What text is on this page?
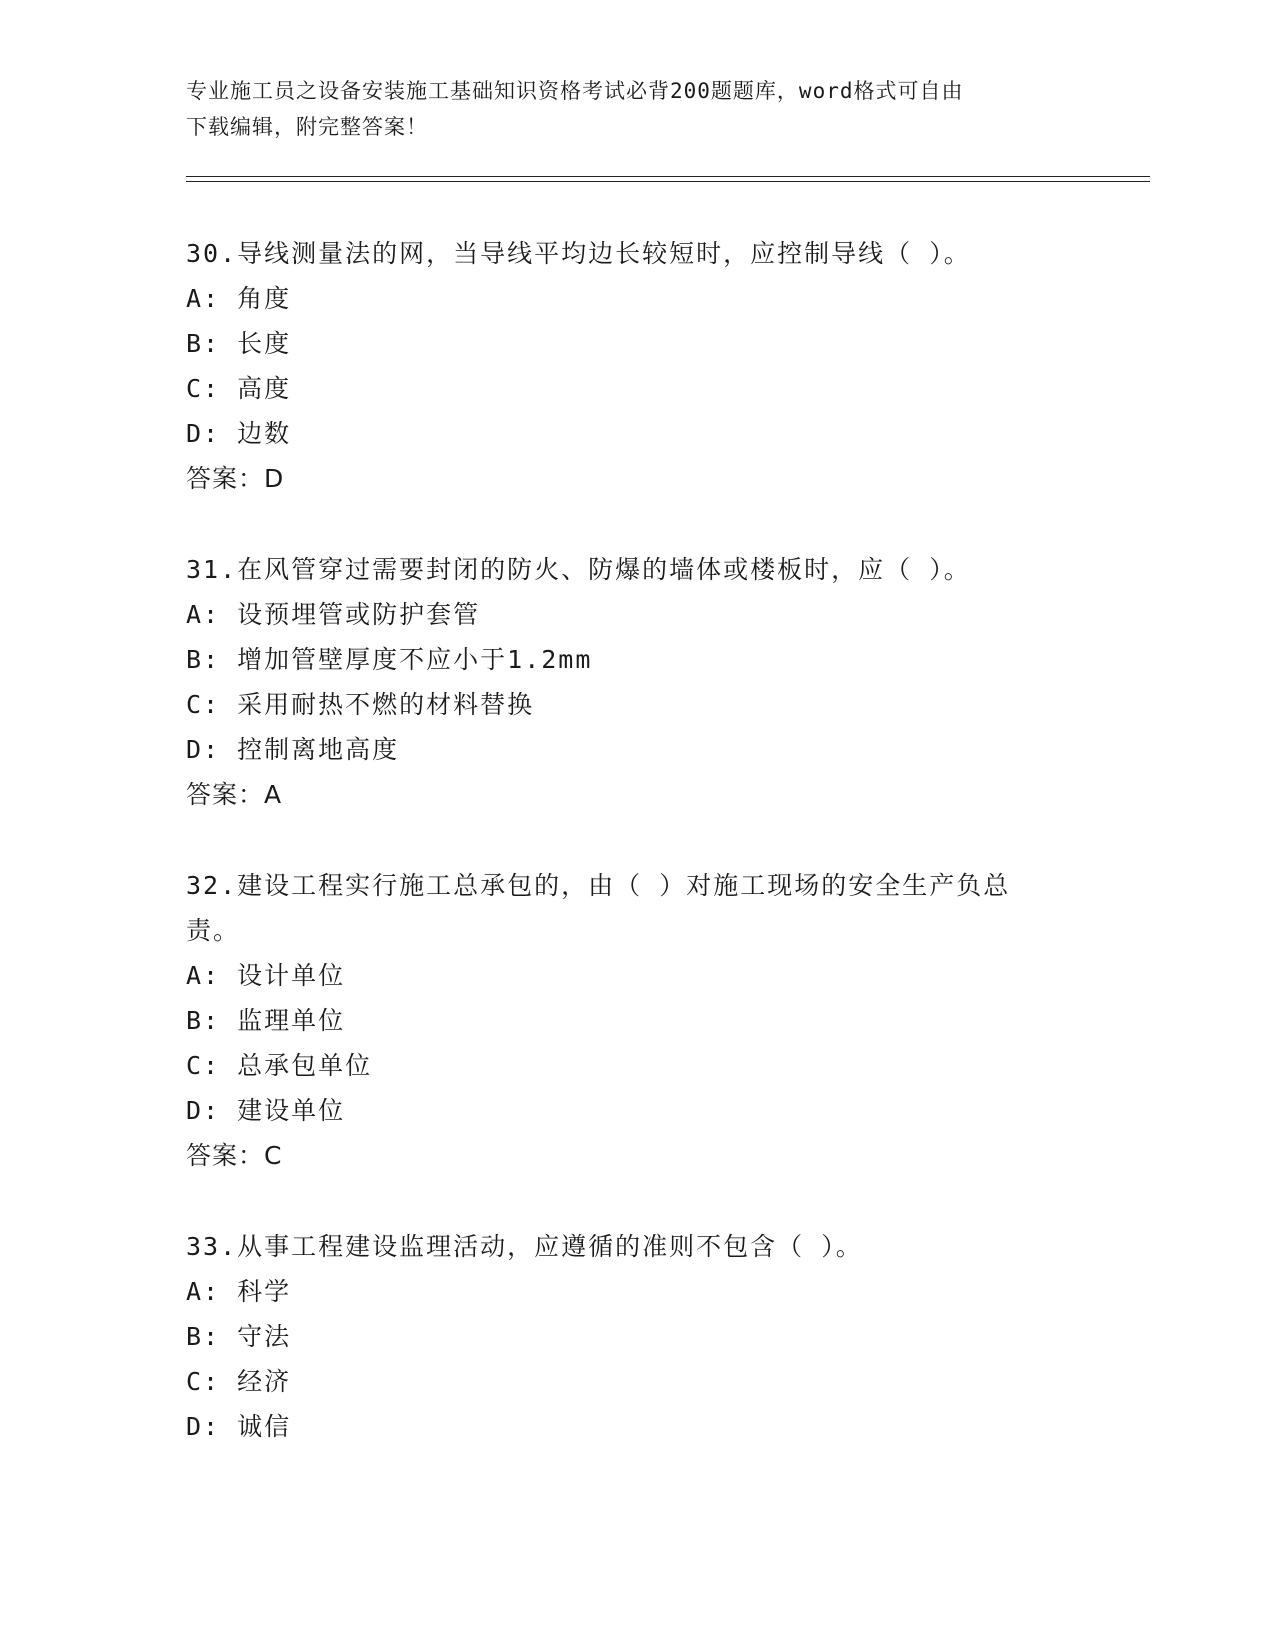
专业施工员之设备安装施工基础知识资格考试必背200题题库，word格式可自由
下载编辑，附完整答案！
30.导线测量法的网，当导线平均边长较短时，应控制导线（ ）。
A: 角度
B: 长度
C: 高度
D: 边数
答案：D
31.在风管穿过需要封闭的防火、防爆的墙体或楼板时，应（ ）。
A: 设预埋管或防护套管
B: 增加管壁厚度不应小于1.2mm
C: 采用耐热不燃的材料替换
D: 控制离地高度
答案：A
32.建设工程实行施工总承包的，由（ ）对施工现场的安全生产负总
责。
A: 设计单位
B: 监理单位
C: 总承包单位
D: 建设单位
答案：C
33.从事工程建设监理活动，应遵循的准则不包含（ ）。
A: 科学
B: 守法
C: 经济
D: 诚信
